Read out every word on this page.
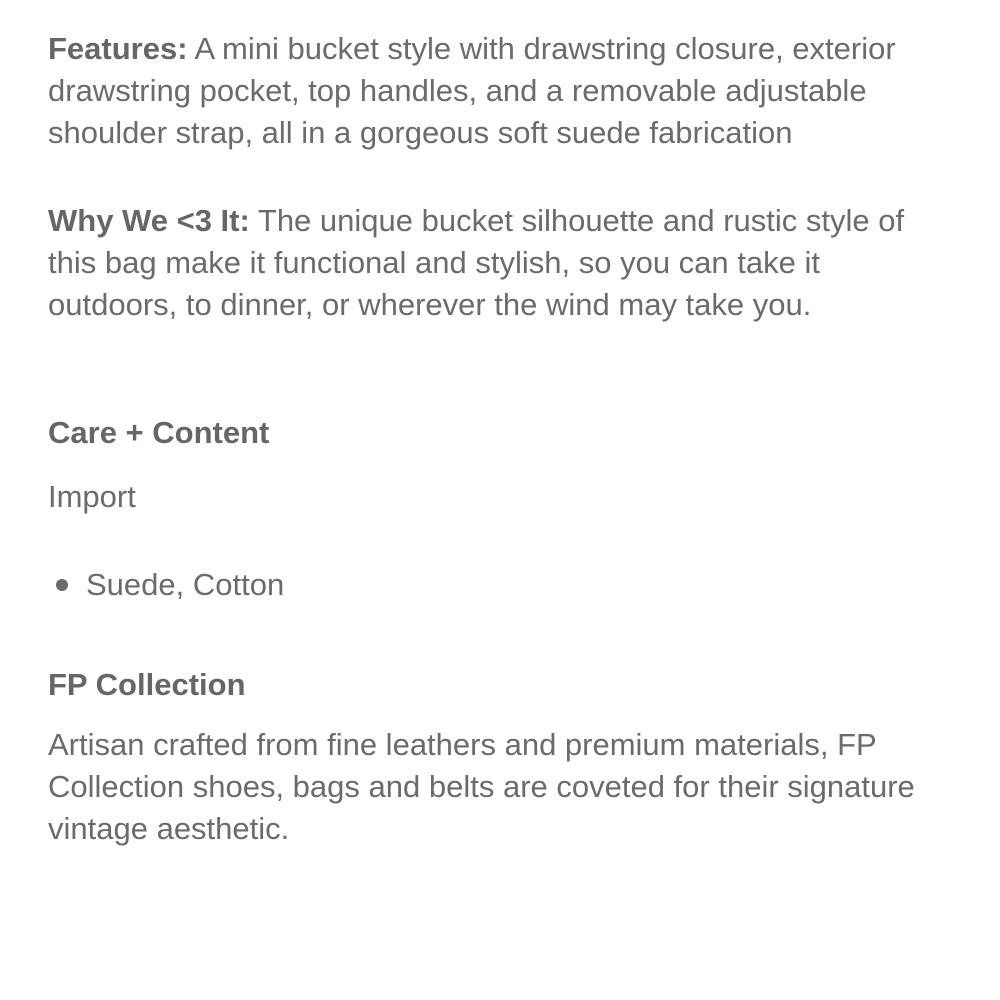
Features: A mini bucket style with drawstring closure, exterior drawstring pocket, top handles, and a removable adjustable shoulder strap, all in a gorgeous soft suede fabrication

Why We <3 It: The unique bucket silhouette and rustic style of this bag make it functional and stylish, so you can take it outdoors, to dinner, or wherever the wind may take you.

Care + Content

Import

Suede, Cotton
FP Collection

Artisan crafted from fine leathers and premium materials, FP Collection shoes, bags and belts are coveted for their signature vintage aesthetic.
